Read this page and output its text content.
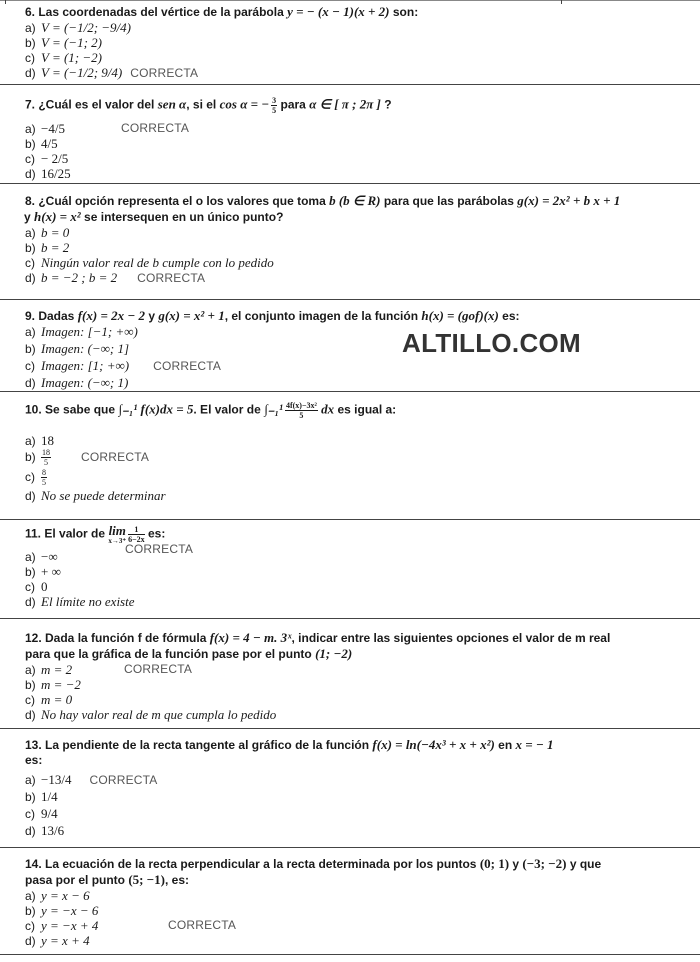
ALTILLO.COM
6. Las coordenadas del vértice de la parábola y = − (x − 1)(x + 2) son:
a) V = (−1/2; −9/4)
b) V = (−1; 2)
c) V = (1; −2)
d) V = (−1/2; 9/4) CORRECTA
7. ¿Cuál es el valor del sen α, si el cos α = − $\frac{3}{5}$ para α ∈ [ π ; 2π ] ?
a) −4/5	CORRECTA
b) 4/5
c) − 2/5
d) 16/25
8. ¿Cuál opción representa el o los valores que toma b (b ∈ R) para que las parábolas g(x) = 2x² + b x + 1
y h(x) = x² se intersequen en un único punto?
a) b = 0
b) b = 2
c) Ningún valor real de b cumple con lo pedido
d) b = −2 ; b = 2 CORRECTA
9. Dadas f(x) = 2x − 2 y g(x) = x² + 1, el conjunto imagen de la función h(x) = (gof)(x) es:
a) Imagen: [−1; +∞)
b) Imagen: (−∞; 1]
c) Imagen: [1; +∞) CORRECTA
d) Imagen: (−∞; 1)
10. Se sabe que ∫₋₁¹ f(x)dx = 5. El valor de $\int_{-1}^1 \frac{\text{4f(x)−3x²}}{5}$ dx es igual a:
a) 18
$b) \frac{18}{5}$	CORRECTA
$c) \frac{8}{5}$
d) No se puede determinar
11. El valor de lim
$x\to 3^+ \frac{1}{6-2x}$ es:
a) −∞	CORRECTA
b) + ∞
c) 0
d) El límite no existe
12. Dada la función f de fórmula f(x) = 4 − m. 3ˣ, indicar entre las siguientes opciones el valor de m real
para que la gráfica de la función pase por el punto (1; −2)
a) m = 2	CORRECTA
b) m = −2
c) m = 0
d) No hay valor real de m que cumpla lo pedido
13. La pendiente de la recta tangente al gráfico de la función f(x) = ln(−4x³ + x + x²) en x = − 1
es:
a) −13/4 CORRECTA
b) 1/4
c) 9/4
d) 13/6
14. La ecuación de la recta perpendicular a la recta determinada por los puntos (0; 1) y (−3; −2) y que
pasa por el punto (5; −1), es:
a) y = x − 6
b) y = −x − 6
c) y = −x + 4	CORRECTA
d) y = x + 4
